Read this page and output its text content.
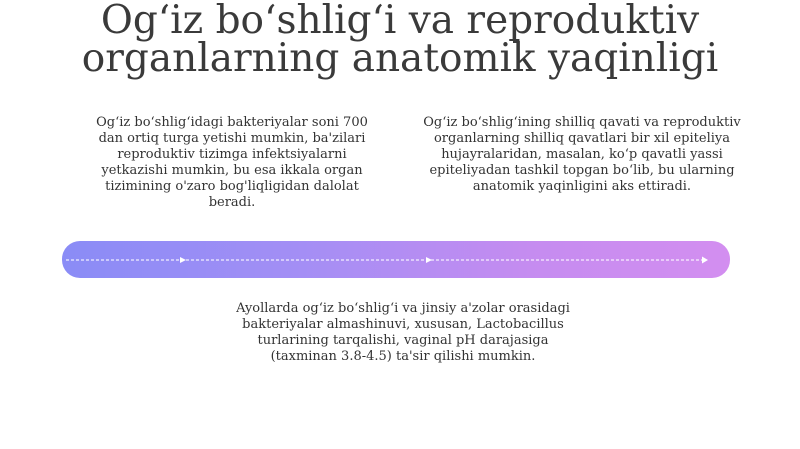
Og‘iz bo‘shlig‘i va reproduktiv
organlarning anatomik yaqinligi
Og‘iz bo‘shlig‘idagi bakteriyalar soni 700 dan ortiq turga yetishi mumkin, ba'zilari reproduktiv tizimga infektsiyalarni yetkazishi mumkin, bu esa ikkala organ tizimining o'zaro bog'liqligidan dalolat beradi.
Og‘iz bo‘shlig‘ining shilliq qavati va reproduktiv organlarning shilliq qavatlari bir xil epiteliya hujayralaridan, masalan, ko‘p qavatli yassi epiteliyadan tashkil topgan bo‘lib, bu ularning anatomik yaqinligini aks ettiradi.
Ayollarda og‘iz bo‘shlig‘i va jinsiy a'zolar orasidagi bakteriyalar almashinuvi, xususan, Lactobacillus turlarining tarqalishi, vaginal pH darajasiga (taxminan 3.8-4.5) ta'sir qilishi mumkin.
